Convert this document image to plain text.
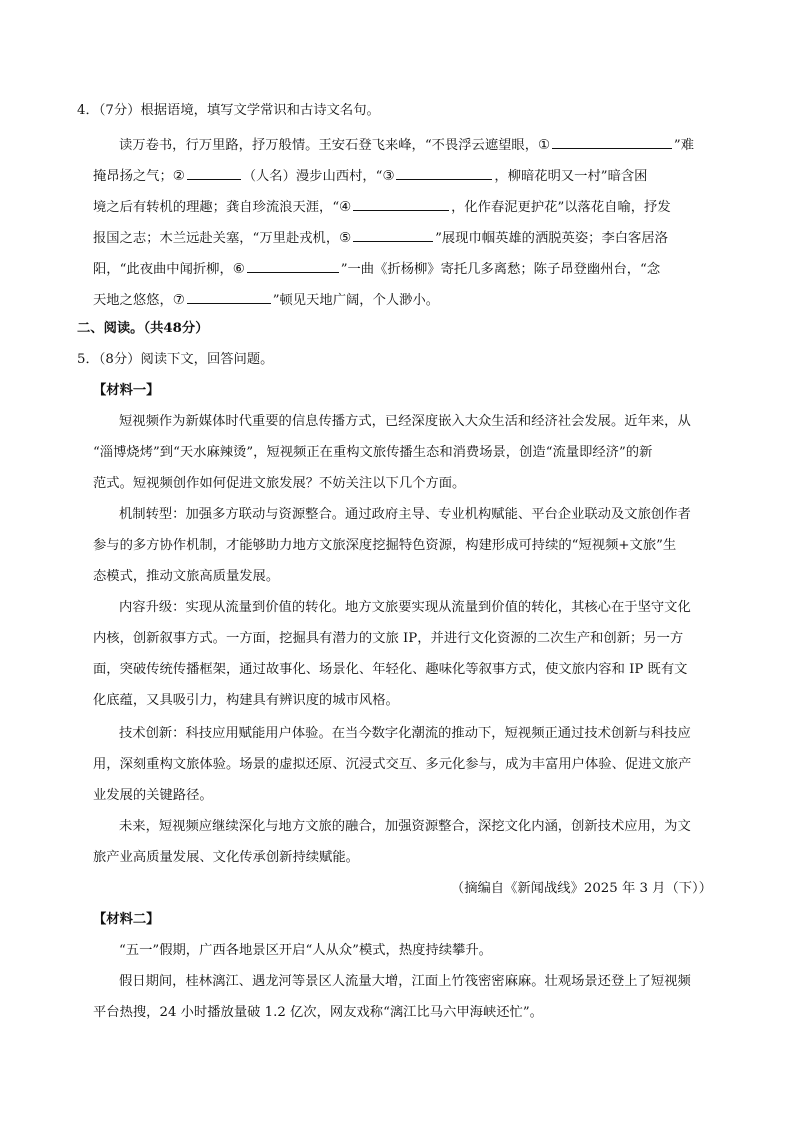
4．（7分）根据语境，填写文学常识和古诗文名句。
读万卷书，行万里路，抒万般情。王安石登飞来峰，“不畏浮云遮望眼，①	”难
掩昂扬之气；②	（人名）漫步山西村，“③	，柳暗花明又一村”暗含困
境之后有转机的理趣；龚自珍流浪天涯，“④	，化作春泥更护花”以落花自喻，抒发
报国之志；木兰远赴关塞，“万里赴戎机，⑤	”展现巾帼英雄的洒脱英姿；李白客居洛
阳，“此夜曲中闻折柳，⑥	”一曲《折杨柳》寄托几多离愁；陈子昂登幽州台，“念
天地之悠悠，⑦	”顿见天地广阔，个人渺小。
二、阅读。（共48分）
5．（8分）阅读下文，回答问题。
【材料一】
短视频作为新媒体时代重要的信息传播方式，已经深度嵌入大众生活和经济社会发展。近年来，从
“淄博烧烤”到“天水麻辣烫”，短视频正在重构文旅传播生态和消费场景，创造“流量即经济”的新
范式。短视频创作如何促进文旅发展？不妨关注以下几个方面。
机制转型：加强多方联动与资源整合。通过政府主导、专业机构赋能、平台企业联动及文旅创作者
参与的多方协作机制，才能够助力地方文旅深度挖掘特色资源，构建形成可持续的“短视频+文旅”生
态模式，推动文旅高质量发展。
内容升级：实现从流量到价值的转化。地方文旅要实现从流量到价值的转化，其核心在于坚守文化
内核，创新叙事方式。一方面，挖掘具有潜力的文旅 IP，并进行文化资源的二次生产和创新；另一方
面，突破传统传播框架，通过故事化、场景化、年轻化、趣味化等叙事方式，使文旅内容和 IP 既有文
化底蕴，又具吸引力，构建具有辨识度的城市风格。
技术创新：科技应用赋能用户体验。在当今数字化潮流的推动下，短视频正通过技术创新与科技应
用，深刻重构文旅体验。场景的虚拟还原、沉浸式交互、多元化参与，成为丰富用户体验、促进文旅产
业发展的关键路径。
未来，短视频应继续深化与地方文旅的融合，加强资源整合，深挖文化内涵，创新技术应用，为文
旅产业高质量发展、文化传承创新持续赋能。
（摘编自《新闻战线》2025 年 3 月（下））
【材料二】
“五一”假期，广西各地景区开启“人从众”模式，热度持续攀升。
假日期间，桂林漓江、遇龙河等景区人流量大增，江面上竹筏密密麻麻。壮观场景还登上了短视频
平台热搜，24 小时播放量破 1.2 亿次，网友戏称“漓江比马六甲海峡还忙”。
